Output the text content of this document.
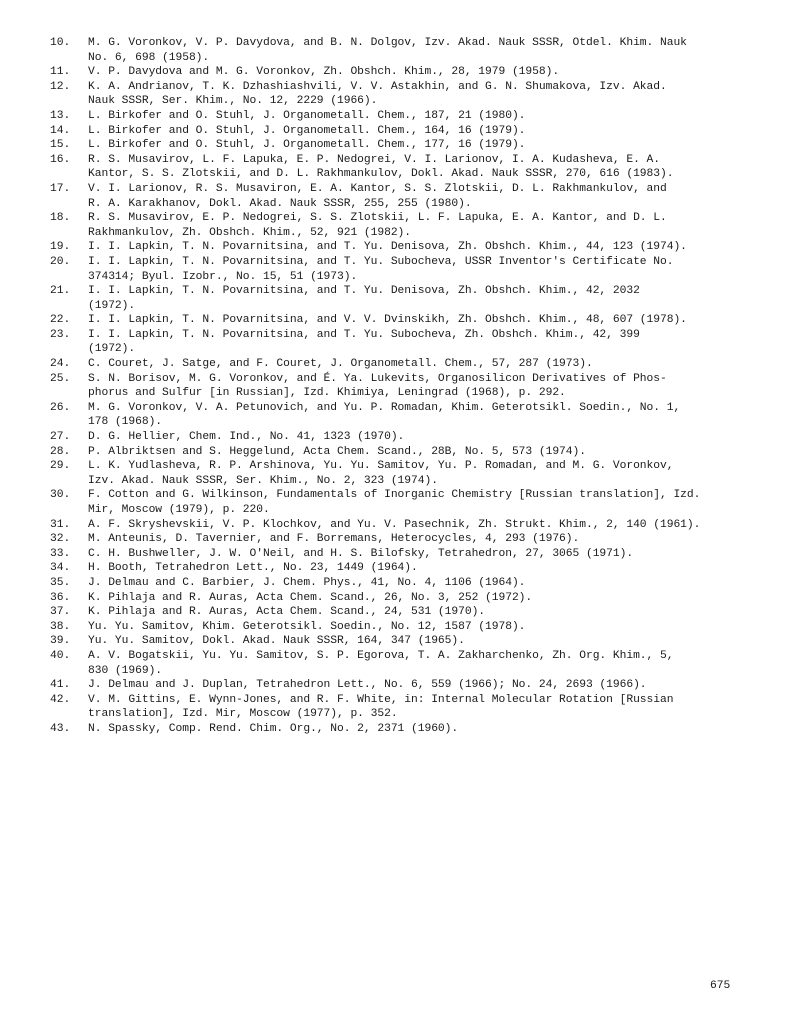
10.	M. G. Voronkov, V. P. Davydova, and B. N. Dolgov, Izv. Akad. Nauk SSSR, Otdel. Khim. Nauk
No. 6, 698 (1958).
11.	V. P. Davydova and M. G. Voronkov, Zh. Obshch. Khim., 28, 1979 (1958).
12.	K. A. Andrianov, T. K. Dzhashiashvili, V. V. Astakhin, and G. N. Shumakova, Izv. Akad.
Nauk SSSR, Ser. Khim., No. 12, 2229 (1966).
13.	L. Birkofer and O. Stuhl, J. Organometall. Chem., 187, 21 (1980).
14.	L. Birkofer and O. Stuhl, J. Organometall. Chem., 164, 16 (1979).
15.	L. Birkofer and O. Stuhl, J. Organometall. Chem., 177, 16 (1979).
16.	R. S. Musavirov, L. F. Lapuka, E. P. Nedogrei, V. I. Larionov, I. A. Kudasheva, E. A.
Kantor, S. S. Zlotskii, and D. L. Rakhmankulov, Dokl. Akad. Nauk SSSR, 270, 616 (1983).
17.	V. I. Larionov, R. S. Musaviron, E. A. Kantor, S. S. Zlotskii, D. L. Rakhmankulov, and
R. A. Karakhanov, Dokl. Akad. Nauk SSSR, 255, 255 (1980).
18.	R. S. Musavirov, E. P. Nedogrei, S. S. Zlotskii, L. F. Lapuka, E. A. Kantor, and D. L.
Rakhmankulov, Zh. Obshch. Khim., 52, 921 (1982).
19.	I. I. Lapkin, T. N. Povarnitsina, and T. Yu. Denisova, Zh. Obshch. Khim., 44, 123 (1974).
20.	I. I. Lapkin, T. N. Povarnitsina, and T. Yu. Subocheva, USSR Inventor's Certificate No.
374314; Byul. Izobr., No. 15, 51 (1973).
21.	I. I. Lapkin, T. N. Povarnitsina, and T. Yu. Denisova, Zh. Obshch. Khim., 42, 2032
(1972).
22.	I. I. Lapkin, T. N. Povarnitsina, and V. V. Dvinskikh, Zh. Obshch. Khim., 48, 607 (1978).
23.	I. I. Lapkin, T. N. Povarnitsina, and T. Yu. Subocheva, Zh. Obshch. Khim., 42, 399
(1972).
24.	C. Couret, J. Satge, and F. Couret, J. Organometall. Chem., 57, 287 (1973).
25.	S. N. Borisov, M. G. Voronkov, and É. Ya. Lukevits, Organosilicon Derivatives of Phos-
phorus and Sulfur [in Russian], Izd. Khimiya, Leningrad (1968), p. 292.
26.	M. G. Voronkov, V. A. Petunovich, and Yu. P. Romadan, Khim. Geterotsikl. Soedin., No. 1,
178 (1968).
27.	D. G. Hellier, Chem. Ind., No. 41, 1323 (1970).
28.	P. Albriktsen and S. Heggelund, Acta Chem. Scand., 28B, No. 5, 573 (1974).
29.	L. K. Yudlasheva, R. P. Arshinova, Yu. Yu. Samitov, Yu. P. Romadan, and M. G. Voronkov,
Izv. Akad. Nauk SSSR, Ser. Khim., No. 2, 323 (1974).
30.	F. Cotton and G. Wilkinson, Fundamentals of Inorganic Chemistry [Russian translation], Izd.
Mir, Moscow (1979), p. 220.
31.	A. F. Skryshevskii, V. P. Klochkov, and Yu. V. Pasechnik, Zh. Strukt. Khim., 2, 140 (1961).
32.	M. Anteunis, D. Tavernier, and F. Borremans, Heterocycles, 4, 293 (1976).
33.	C. H. Bushweller, J. W. O'Neil, and H. S. Bilofsky, Tetrahedron, 27, 3065 (1971).
34.	H. Booth, Tetrahedron Lett., No. 23, 1449 (1964).
35.	J. Delmau and C. Barbier, J. Chem. Phys., 41, No. 4, 1106 (1964).
36.	K. Pihlaja and R. Auras, Acta Chem. Scand., 26, No. 3, 252 (1972).
37.	K. Pihlaja and R. Auras, Acta Chem. Scand., 24, 531 (1970).
38.	Yu. Yu. Samitov, Khim. Geterotsikl. Soedin., No. 12, 1587 (1978).
39.	Yu. Yu. Samitov, Dokl. Akad. Nauk SSSR, 164, 347 (1965).
40.	A. V. Bogatskii, Yu. Yu. Samitov, S. P. Egorova, T. A. Zakharchenko, Zh. Org. Khim., 5,
830 (1969).
41.	J. Delmau and J. Duplan, Tetrahedron Lett., No. 6, 559 (1966); No. 24, 2693 (1966).
42.	V. M. Gittins, E. Wynn-Jones, and R. F. White, in: Internal Molecular Rotation [Russian
translation], Izd. Mir, Moscow (1977), p. 352.
43.	N. Spassky, Comp. Rend. Chim. Org., No. 2, 2371 (1960).
675
